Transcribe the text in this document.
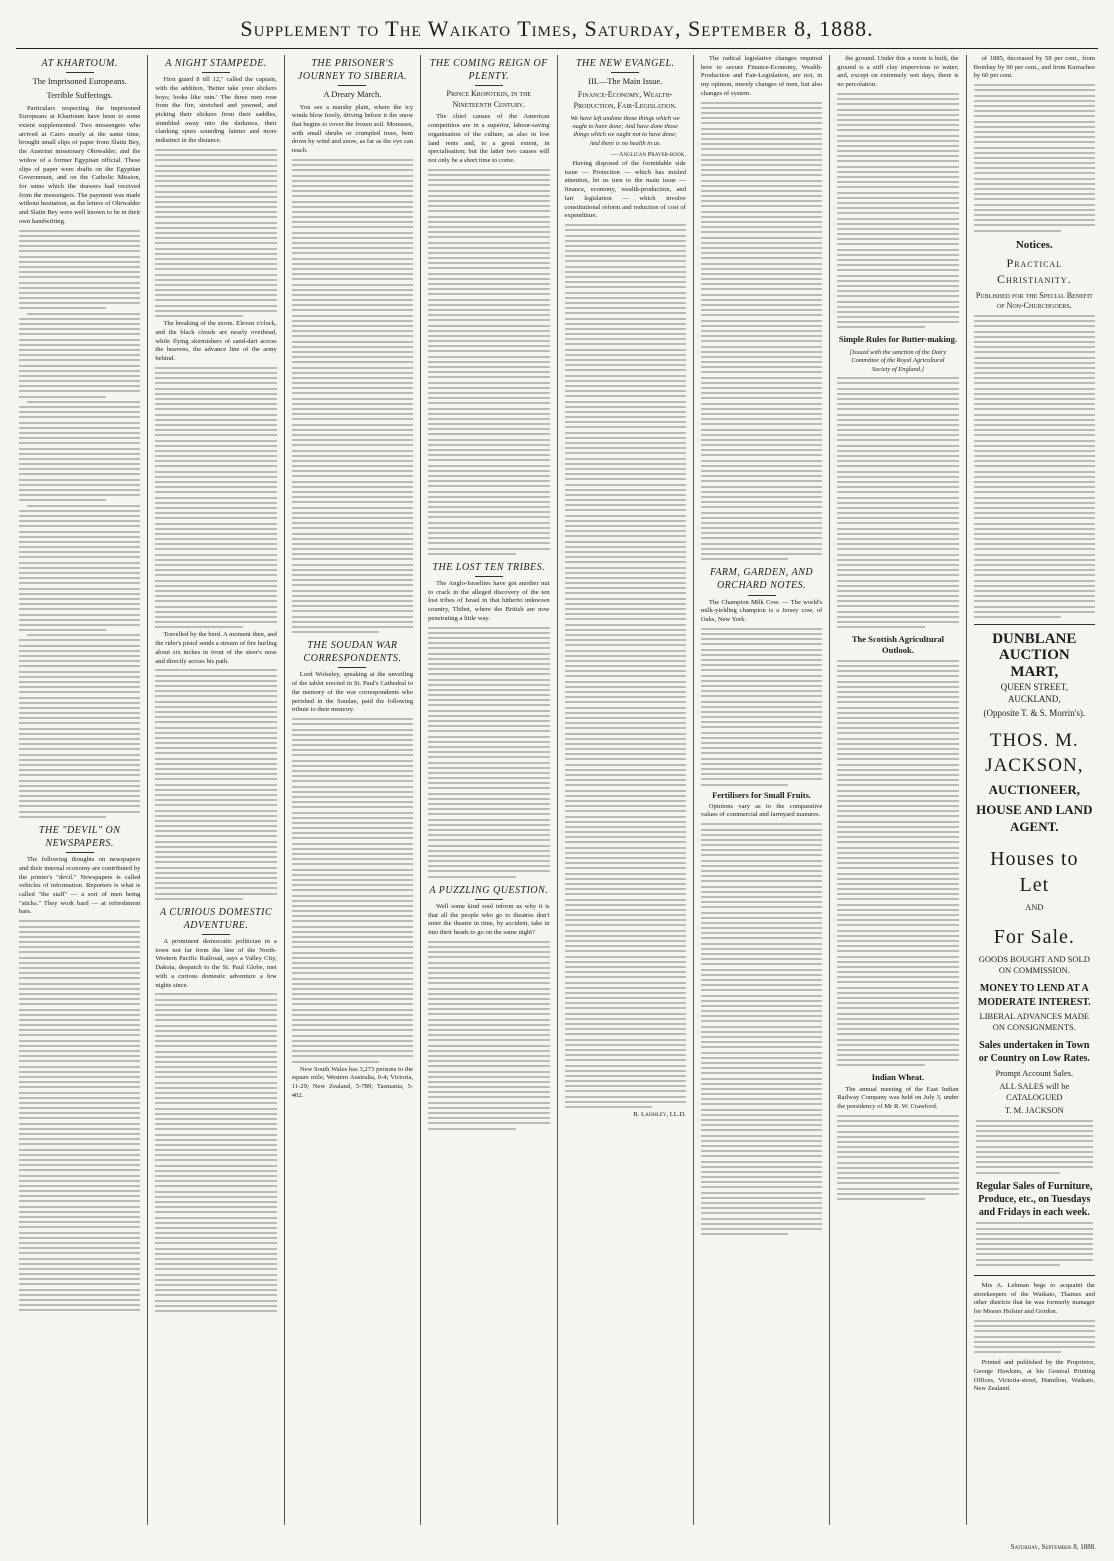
Supplement to The Waikato Times, Saturday, September 8, 1888.
AT KHARTOUM.
The Imprisoned Europeans.
Terrible Sufferings.
Particulars respecting the imprisoned Europeans at Khartoum have been to some extent supplemented. Two messengers who arrived at Cairo nearly at the same time, brought small slips of paper from Slatin Bey, the Austrian missionary Ohrwalder, and the widow of a former Egyptian official. These slips of paper were drafts on the Egyptian Government, and on the Catholic Mission, for sums which the drawers had received from the messengers. The payment was made without hesitation, as the letters of Ohrwalder and Slatin Bey were well known to be in their own handwriting.
THE "DEVIL" ON NEWSPAPERS.
The following thoughts on newspapers and their internal economy are contributed by the printer's "devil." Newspapers is called vehicles of information. Reporters is what is called "the staff" — a sort of men being "sticks." They work hard — at refreshment bars.
A NIGHT STAMPEDE.
First guard 8 till 12," called the captain, with the addition, 'Better take your slickers boys; looks like rain.' The three men rose from the fire, stretched and yawned, and picking their slickers from their saddles, stumbled away into the darkness, their clanking spurs sounding fainter and more indistinct in the distance.
The breaking of the storm. Eleven o'clock, and the black clouds are nearly overhead, while flying skirmishers of sand-dart across the heavens, the advance line of the army behind.
Travelled by the herd. A moment then, and the rider's pistol sends a stream of fire hurling about six inches in front of the steer's nose and directly across his path.
A CURIOUS DOMESTIC ADVENTURE.
A prominent democratic politician in a town not far from the line of the North-Western Pacific Railroad, says a Valley City, Dakota, despatch to the St. Paul Globe, met with a curious domestic adventure a few nights since.
THE PRISONER'S JOURNEY TO SIBERIA.
A Dreary March.
You see a marshy plain, where the icy winds blow freely, driving before it the snow that begins to cover the frozen soil. Morasses, with small shrubs or crumpled trees, bent down by wind and snow, as far as the eye can reach.
THE SOUDAN WAR CORRESPONDENTS.
Lord Wolseley, speaking at the unveiling of the tablet erected in St. Paul's Cathedral to the memory of the war correspondents who perished in the Soudan, paid the following tribute to their memory.
New South Wales has 3,273 persons to the square mile; Western Australia, 0-4; Victoria, 11-29; New Zealand, 5-789; Tasmania, 5-402.
THE COMING REIGN OF PLENTY.
Prince Kropotkin, in the Nineteenth Century.
The chief causes of the American competition are in a superior, labour-saving organisation of the culture, as also in low land rents and, to a great extent, in specialisation; but the latter two causes will not only be a short time to come.
THE LOST TEN TRIBES.
The Anglo-Israelites have got another nut to crack in the alleged discovery of the ten lost tribes of Israel in that hitherto unknown country, Thibet, where the British are now penetrating a little way.
A PUZZLING QUESTION.
Well some kind soul inform us why it is that all the people who go to theatres don't enter the theatre in time, by accident, take in into their heads to go on the same night?
THE NEW EVANGEL.
III.—The Main Issue.
Finance-Economy, Wealth-Production, Fair-Legislation.
We have left undone those things which we ought to have done; And have done those things which we ought not to have done; And there is no health in us.
— Anglican Prayer-book.
Having disposed of the formidable side issue — Protection — which has misled attention, let us turn to the main issue — finance, economy, wealth-production, and fair legislation — which involve constitutional reform and reduction of cost of expenditure.
R. Laishley, LL.D.
The radical legislative changes required here to secure Finance-Economy, Wealth-Production and Fair-Legislation, are not, in my opinion, merely changes of men, but also changes of system.
FARM, GARDEN, AND ORCHARD NOTES.
The Champion Milk Cow. — The world's milk-yielding champion is a Jersey cow, of Oaks, New York.
Fertilisers for Small Fruits.
Opinions vary as to the comparative values of commercial and farmyard manures.
the ground. Under this a room is built, the ground is a stiff clay impervious to water; and, except on extremely wet days, there is no percolation.
Simple Rules for Butter-making.
[Issued with the sanction of the Dairy Committee of the Royal Agricultural Society of England.]
The Scottish Agricultural Outlook.
Indian Wheat.
The annual meeting of the East Indian Railway Company was held on July 3, under the presidency of Mr R. W. Crawford.
of 1885, decreased by 58 per cent., from Bombay by 90 per cent., and from Kurrachee by 60 per cent.
Notices.
Practical Christianity.
Published for the Special Benefit of Non-Churchgoers.
DUNBLANE AUCTION MART,
QUEEN STREET, AUCKLAND,
(Opposite T. & S. Morrin's).
THOS. M. JACKSON,
AUCTIONEER,
HOUSE AND LAND AGENT.
Houses to Let
AND
For Sale.
GOODS BOUGHT AND SOLD ON COMMISSION.
MONEY TO LEND AT A MODERATE INTEREST.
LIBERAL ADVANCES MADE ON CONSIGNMENTS.
Sales undertaken in Town or Country on Low Rates.
Prompt Account Sales.
ALL SALES will be CATALOGUED
T. M. JACKSON
Regular Sales of Furniture, Produce, etc., on Tuesdays and Fridays in each week.
Mrs A. Lehman begs to acquaint the storekeepers of the Waikato, Thames and other districts that he was formerly manager for Messrs Holster and Gordon.
Printed and published by the Proprietor, George Hawkins, at his General Printing Offices, Victoria-street, Hamilton, Waikato, New Zealand.
Saturday, September 8, 1888.
